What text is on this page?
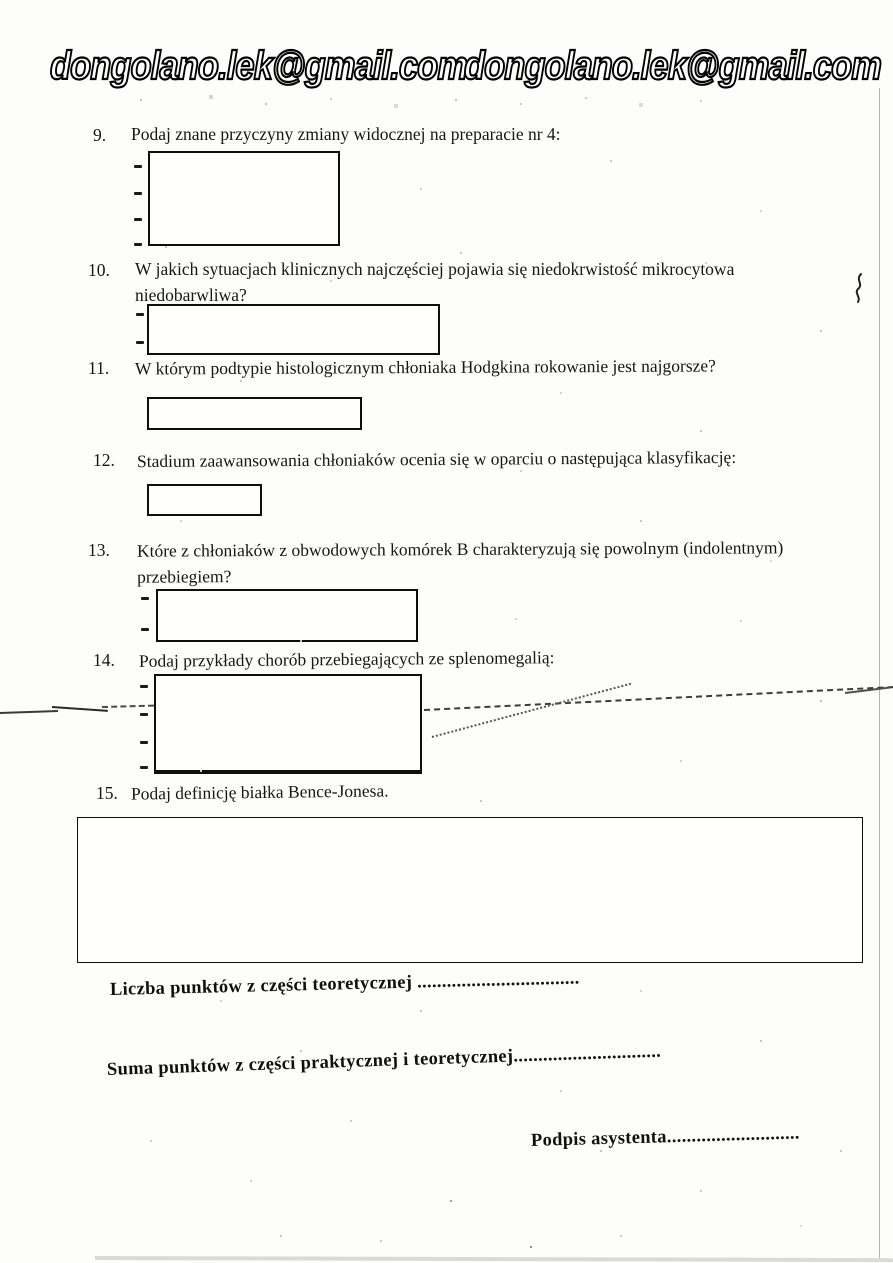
dongolano.lek@gmail.com
dongolano.lek@gmail.com
9. Podaj znane przyczyny zmiany widocznej na preparacie nr 4:
10. W jakich sytuacjach klinicznych najczęściej pojawia się niedokrwistość mikrocytowa
niedobarwliwa?
11. W którym podtypie histologicznym chłoniaka Hodgkina rokowanie jest najgorsze?
12. Stadium zaawansowania chłoniaków ocenia się w oparciu o następująca klasyfikację:
13. Które z chłoniaków z obwodowych komórek B charakteryzują się powolnym (indolentnym)
przebiegiem?
14. Podaj przykłady chorób przebiegających ze splenomegalią:
15. Podaj definicję białka Bence-Jonesa.
Liczba punktów z części teoretycznej .................................
Suma punktów z części praktycznej i teoretycznej..............................
Podpis asystenta...........................
